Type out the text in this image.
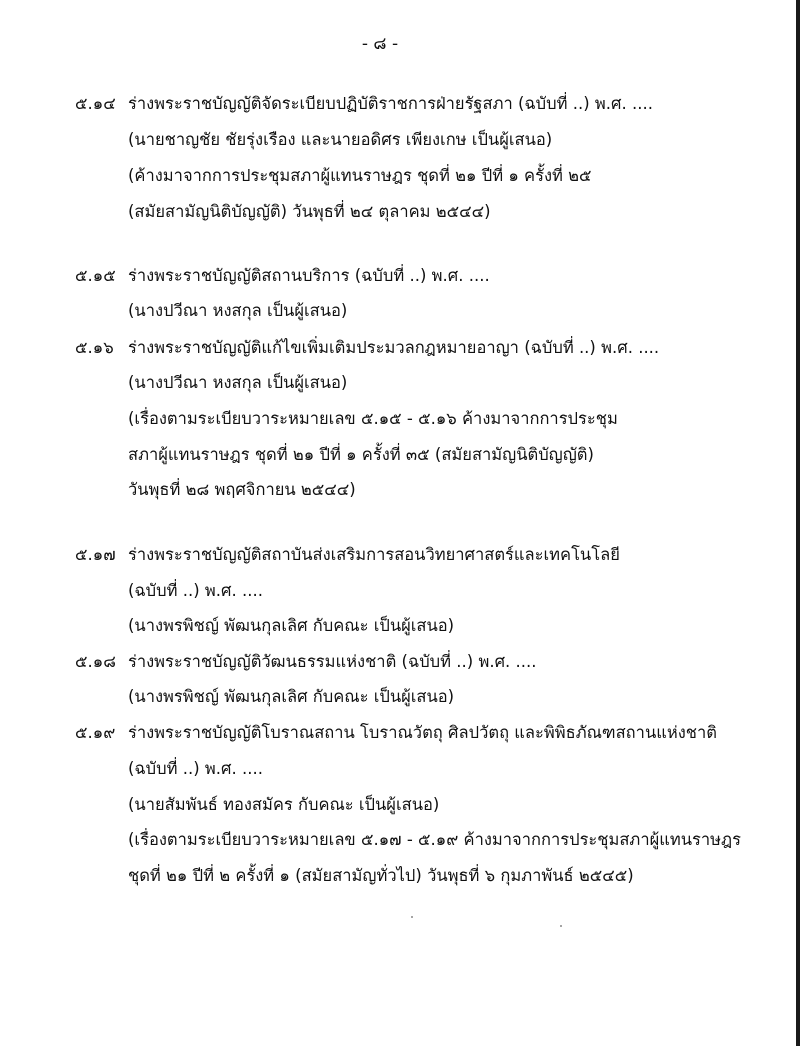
- ๘ -
๕.๑๔ ร่างพระราชบัญญัติจัดระเบียบปฏิบัติราชการฝ่ายรัฐสภา (ฉบับที่ ..) พ.ศ. ....
(นายชาญชัย ชัยรุ่งเรือง และนายอดิศร เพียงเกษ เป็นผู้เสนอ)
(ค้างมาจากการประชุมสภาผู้แทนราษฎร ชุดที่ ๒๑ ปีที่ ๑ ครั้งที่ ๒๕
(สมัยสามัญนิติบัญญัติ) วันพุธที่ ๒๔ ตุลาคม ๒๕๔๔)
๕.๑๕ ร่างพระราชบัญญัติสถานบริการ (ฉบับที่ ..) พ.ศ. ....
(นางปวีณา หงสกุล เป็นผู้เสนอ)
๕.๑๖ ร่างพระราชบัญญัติแก้ไขเพิ่มเติมประมวลกฎหมายอาญา (ฉบับที่ ..) พ.ศ. ....
(นางปวีณา หงสกุล เป็นผู้เสนอ)
(เรื่องตามระเบียบวาระหมายเลข ๕.๑๕ - ๕.๑๖ ค้างมาจากการประชุม
สภาผู้แทนราษฎร ชุดที่ ๒๑ ปีที่ ๑ ครั้งที่ ๓๕ (สมัยสามัญนิติบัญญัติ)
วันพุธที่ ๒๘ พฤศจิกายน ๒๕๔๔)
๕.๑๗ ร่างพระราชบัญญัติสถาบันส่งเสริมการสอนวิทยาศาสตร์และเทคโนโลยี
(ฉบับที่ ..) พ.ศ. ....
(นางพรพิชญ์ พัฒนกุลเลิศ กับคณะ เป็นผู้เสนอ)
๕.๑๘ ร่างพระราชบัญญัติวัฒนธรรมแห่งชาติ (ฉบับที่ ..) พ.ศ. ....
(นางพรพิชญ์ พัฒนกุลเลิศ กับคณะ เป็นผู้เสนอ)
๕.๑๙ ร่างพระราชบัญญัติโบราณสถาน โบราณวัตถุ ศิลปวัตถุ และพิพิธภัณฑสถานแห่งชาติ
(ฉบับที่ ..) พ.ศ. ....
(นายสัมพันธ์ ทองสมัคร กับคณะ เป็นผู้เสนอ)
(เรื่องตามระเบียบวาระหมายเลข ๕.๑๗ - ๕.๑๙ ค้างมาจากการประชุมสภาผู้แทนราษฎร
ชุดที่ ๒๑ ปีที่ ๒ ครั้งที่ ๑ (สมัยสามัญทั่วไป) วันพุธที่ ๖ กุมภาพันธ์ ๒๕๔๕)
